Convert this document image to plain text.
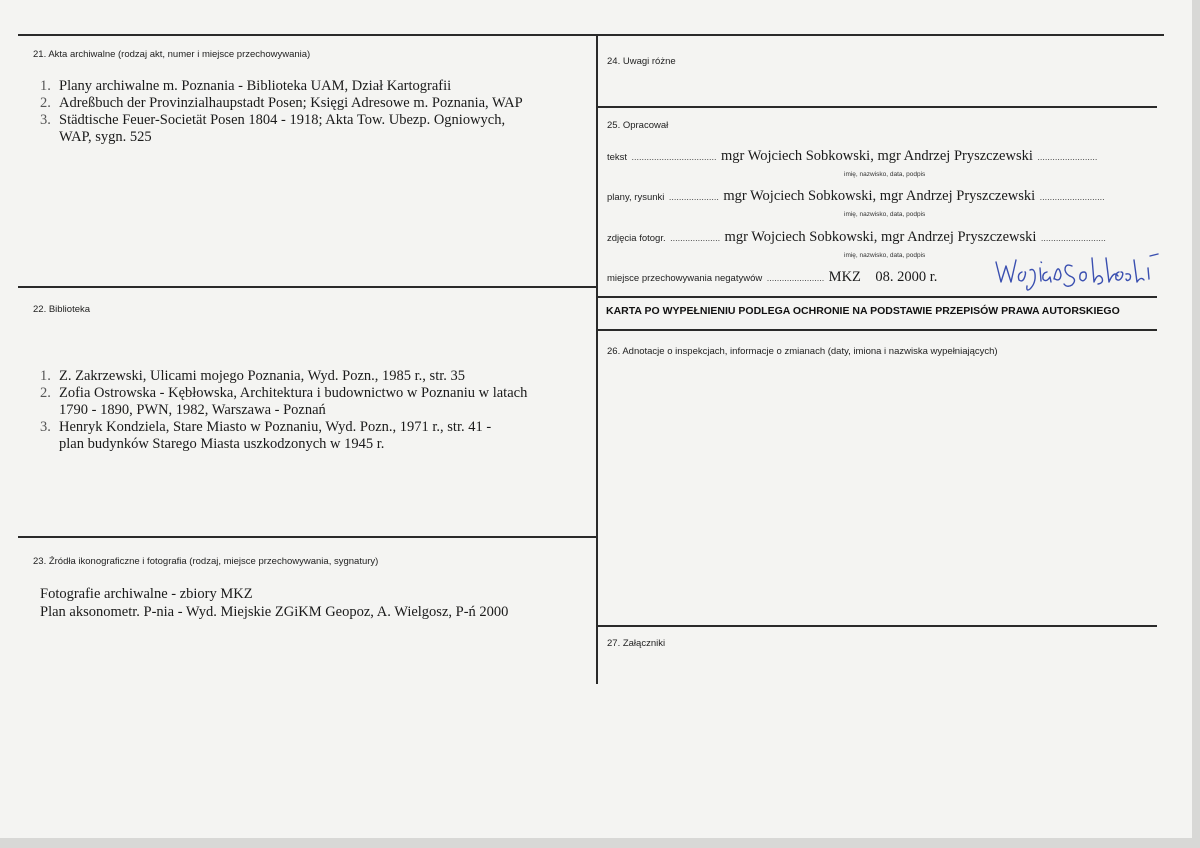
21. Akta archiwalne (rodzaj akt, numer i miejsce przechowywania)
1. Plany archiwalne m. Poznania - Biblioteka UAM, Dział Kartografii
2. Adreßbuch der Provinzialhaupstadt Posen; Księgi Adresowe m. Poznania, WAP
3. Städtische Feuer-Societät Posen 1804 - 1918; Akta Tow. Ubezp. Ogniowych,
WAP, sygn. 525
22. Biblioteka
1. Z. Zakrzewski, Ulicami mojego Poznania, Wyd. Pozn., 1985 r., str. 35
2. Zofia Ostrowska - Kębłowska, Architektura i budownictwo w Poznaniu w latach
1790 - 1890, PWN, 1982, Warszawa - Poznań
3. Henryk Kondziela, Stare Miasto w Poznaniu, Wyd. Pozn., 1971 r., str. 41 -
plan budynków Starego Miasta uszkodzonych w 1945 r.
23. Źródła ikonograficzne i fotografia (rodzaj, miejsce przechowywania, sygnatury)
Fotografie archiwalne - zbiory MKZ
Plan aksonometr. P-nia - Wyd. Miejskie ZGiKM Geopoz, A. Wielgosz, P-ń 2000
24. Uwagi różne
25. Opracował
tekst .................................. mgr Wojciech Sobkowski, mgr Andrzej Pryszczewski ........................
imię, nazwisko, data, podpis
plany, rysunki .................... mgr Wojciech Sobkowski, mgr Andrzej Pryszczewski ..........................
imię, nazwisko, data, podpis
zdjęcia fotogr. .................... mgr Wojciech Sobkowski, mgr Andrzej Pryszczewski ..........................
imię, nazwisko, data, podpis
miejsce przechowywania negatywów ....................... MKZ    08. 2000 r.
KARTA PO WYPEŁNIENIU PODLEGA OCHRONIE NA PODSTAWIE PRZEPISÓW PRAWA AUTORSKIEGO
26. Adnotacje o inspekcjach, informacje o zmianach (daty, imiona i nazwiska wypełniających)
27. Załączniki
